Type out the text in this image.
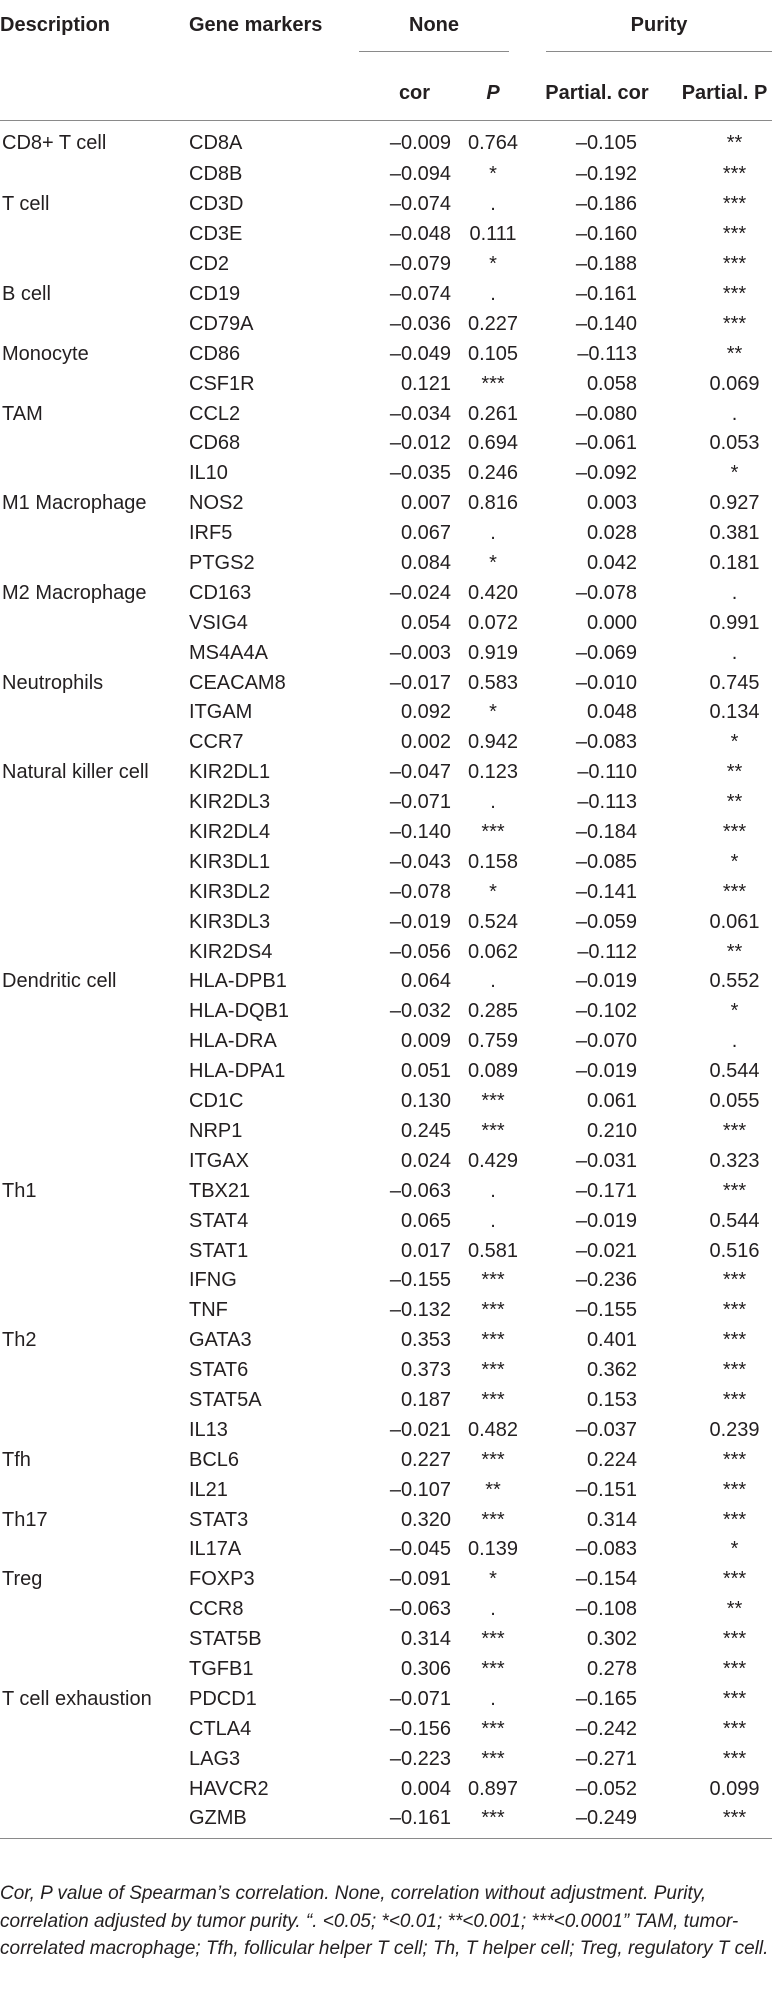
Description	Gene markers	None		Purity	

		cor	P	Partial. cor	Partial. P
CD8+ T cell	CD8A	–0.009	0.764	–0.105	**
	CD8B	–0.094	*	–0.192	***
T cell	CD3D	–0.074	.	–0.186	***
	CD3E	–0.048	0.111	–0.160	***
	CD2	–0.079	*	–0.188	***
B cell	CD19	–0.074	.	–0.161	***
	CD79A	–0.036	0.227	–0.140	***
Monocyte	CD86	–0.049	0.105	–0.113	**
	CSF1R	0.121	***	0.058	0.069
TAM	CCL2	–0.034	0.261	–0.080	.
	CD68	–0.012	0.694	–0.061	0.053
	IL10	–0.035	0.246	–0.092	*
M1 Macrophage	NOS2	0.007	0.816	0.003	0.927
	IRF5	0.067	.	0.028	0.381
	PTGS2	0.084	*	0.042	0.181
M2 Macrophage	CD163	–0.024	0.420	–0.078	.
	VSIG4	0.054	0.072	0.000	0.991
	MS4A4A	–0.003	0.919	–0.069	.
Neutrophils	CEACAM8	–0.017	0.583	–0.010	0.745
	ITGAM	0.092	*	0.048	0.134
	CCR7	0.002	0.942	–0.083	*
Natural killer cell	KIR2DL1	–0.047	0.123	–0.110	**
	KIR2DL3	–0.071	.	–0.113	**
	KIR2DL4	–0.140	***	–0.184	***
	KIR3DL1	–0.043	0.158	–0.085	*
	KIR3DL2	–0.078	*	–0.141	***
	KIR3DL3	–0.019	0.524	–0.059	0.061
	KIR2DS4	–0.056	0.062	–0.112	**
Dendritic cell	HLA-DPB1	0.064	.	–0.019	0.552
	HLA-DQB1	–0.032	0.285	–0.102	*
	HLA-DRA	0.009	0.759	–0.070	.
	HLA-DPA1	0.051	0.089	–0.019	0.544
	CD1C	0.130	***	0.061	0.055
	NRP1	0.245	***	0.210	***
	ITGAX	0.024	0.429	–0.031	0.323
Th1	TBX21	–0.063	.	–0.171	***
	STAT4	0.065	.	–0.019	0.544
	STAT1	0.017	0.581	–0.021	0.516
	IFNG	–0.155	***	–0.236	***
	TNF	–0.132	***	–0.155	***
Th2	GATA3	0.353	***	0.401	***
	STAT6	0.373	***	0.362	***
	STAT5A	0.187	***	0.153	***
	IL13	–0.021	0.482	–0.037	0.239
Tfh	BCL6	0.227	***	0.224	***
	IL21	–0.107	**	–0.151	***
Th17	STAT3	0.320	***	0.314	***
	IL17A	–0.045	0.139	–0.083	*
Treg	FOXP3	–0.091	*	–0.154	***
	CCR8	–0.063	.	–0.108	**
	STAT5B	0.314	***	0.302	***
	TGFB1	0.306	***	0.278	***
T cell exhaustion	PDCD1	–0.071	.	–0.165	***
	CTLA4	–0.156	***	–0.242	***
	LAG3	–0.223	***	–0.271	***
	HAVCR2	0.004	0.897	–0.052	0.099
	GZMB	–0.161	***	–0.249	***
Cor, P value of Spearman’s correlation. None, correlation without adjustment. Purity, correlation adjusted by tumor purity. “. <0.05; *<0.01; **<0.001; ***<0.0001” TAM, tumor-correlated macrophage; Tfh, follicular helper T cell; Th, T helper cell; Treg, regulatory T cell.
